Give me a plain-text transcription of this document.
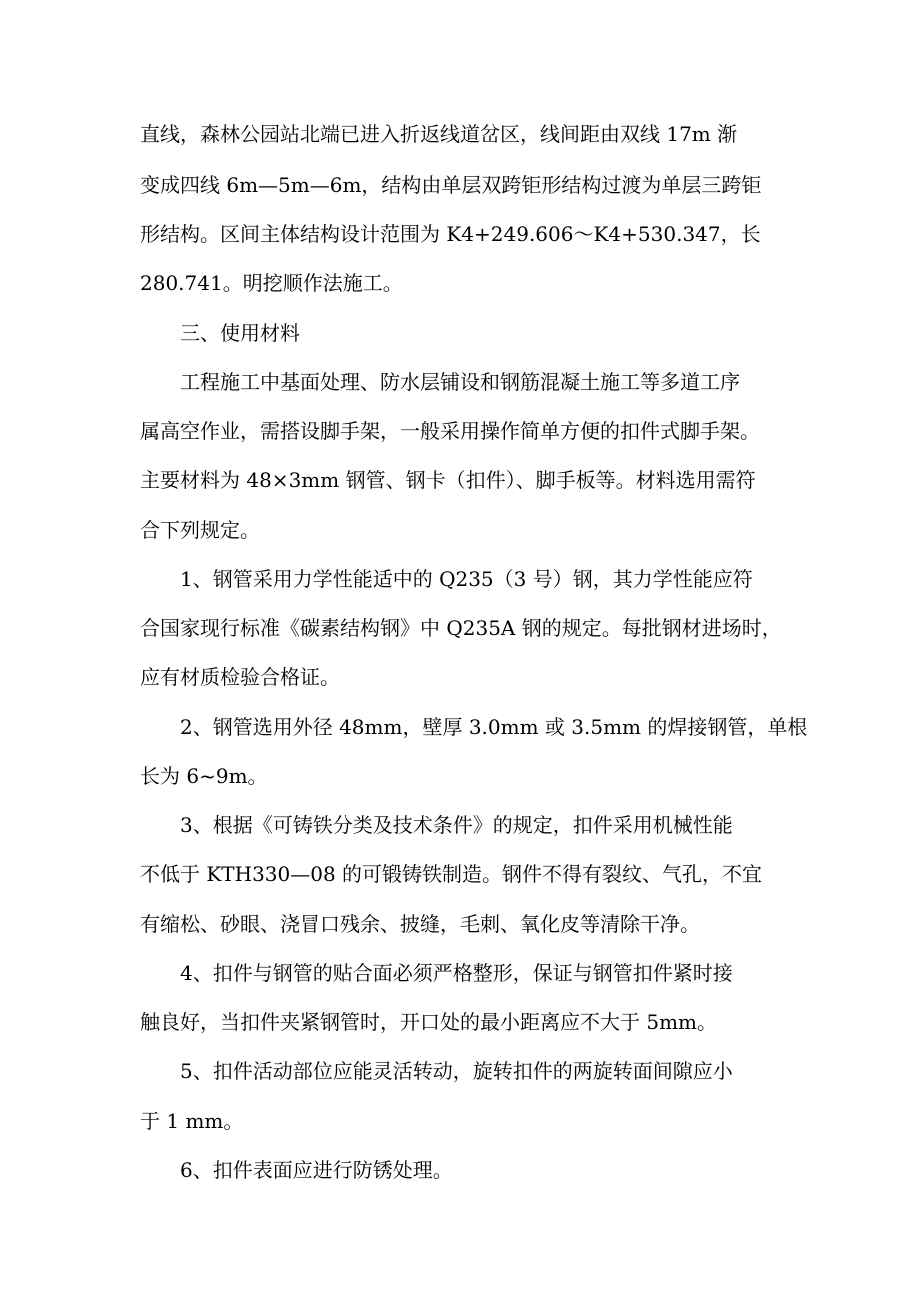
直线，森林公园站北端已进入折返线道岔区，线间距由双线 17m 渐
变成四线 6m—5m—6m，结构由单层双跨钜形结构过渡为单层三跨钜
形结构。区间主体结构设计范围为 K4+249.606～K4+530.347，长
280.741。明挖顺作法施工。
三、使用材料
工程施工中基面处理、防水层铺设和钢筋混凝土施工等多道工序
属高空作业，需搭设脚手架，一般采用操作简单方便的扣件式脚手架。
主要材料为 48×3mm 钢管、钢卡（扣件）、脚手板等。材料选用需符
合下列规定。
1、钢管采用力学性能适中的 Q235（3 号）钢，其力学性能应符
合国家现行标准《碳素结构钢》中 Q235A 钢的规定。每批钢材进场时，
应有材质检验合格证。
2、钢管选用外径 48mm，壁厚 3.0mm 或 3.5mm 的焊接钢管，单根
长为 6~9m。
3、根据《可铸铁分类及技术条件》的规定，扣件采用机械性能
不低于 KTH330—08 的可锻铸铁制造。钢件不得有裂纹、气孔，不宜
有缩松、砂眼、浇冒口残余、披缝，毛刺、氧化皮等清除干净。
4、扣件与钢管的贴合面必须严格整形，保证与钢管扣件紧时接
触良好，当扣件夹紧钢管时，开口处的最小距离应不大于 5mm。
5、扣件活动部位应能灵活转动，旋转扣件的两旋转面间隙应小
于 1 mm。
6、扣件表面应进行防锈处理。
